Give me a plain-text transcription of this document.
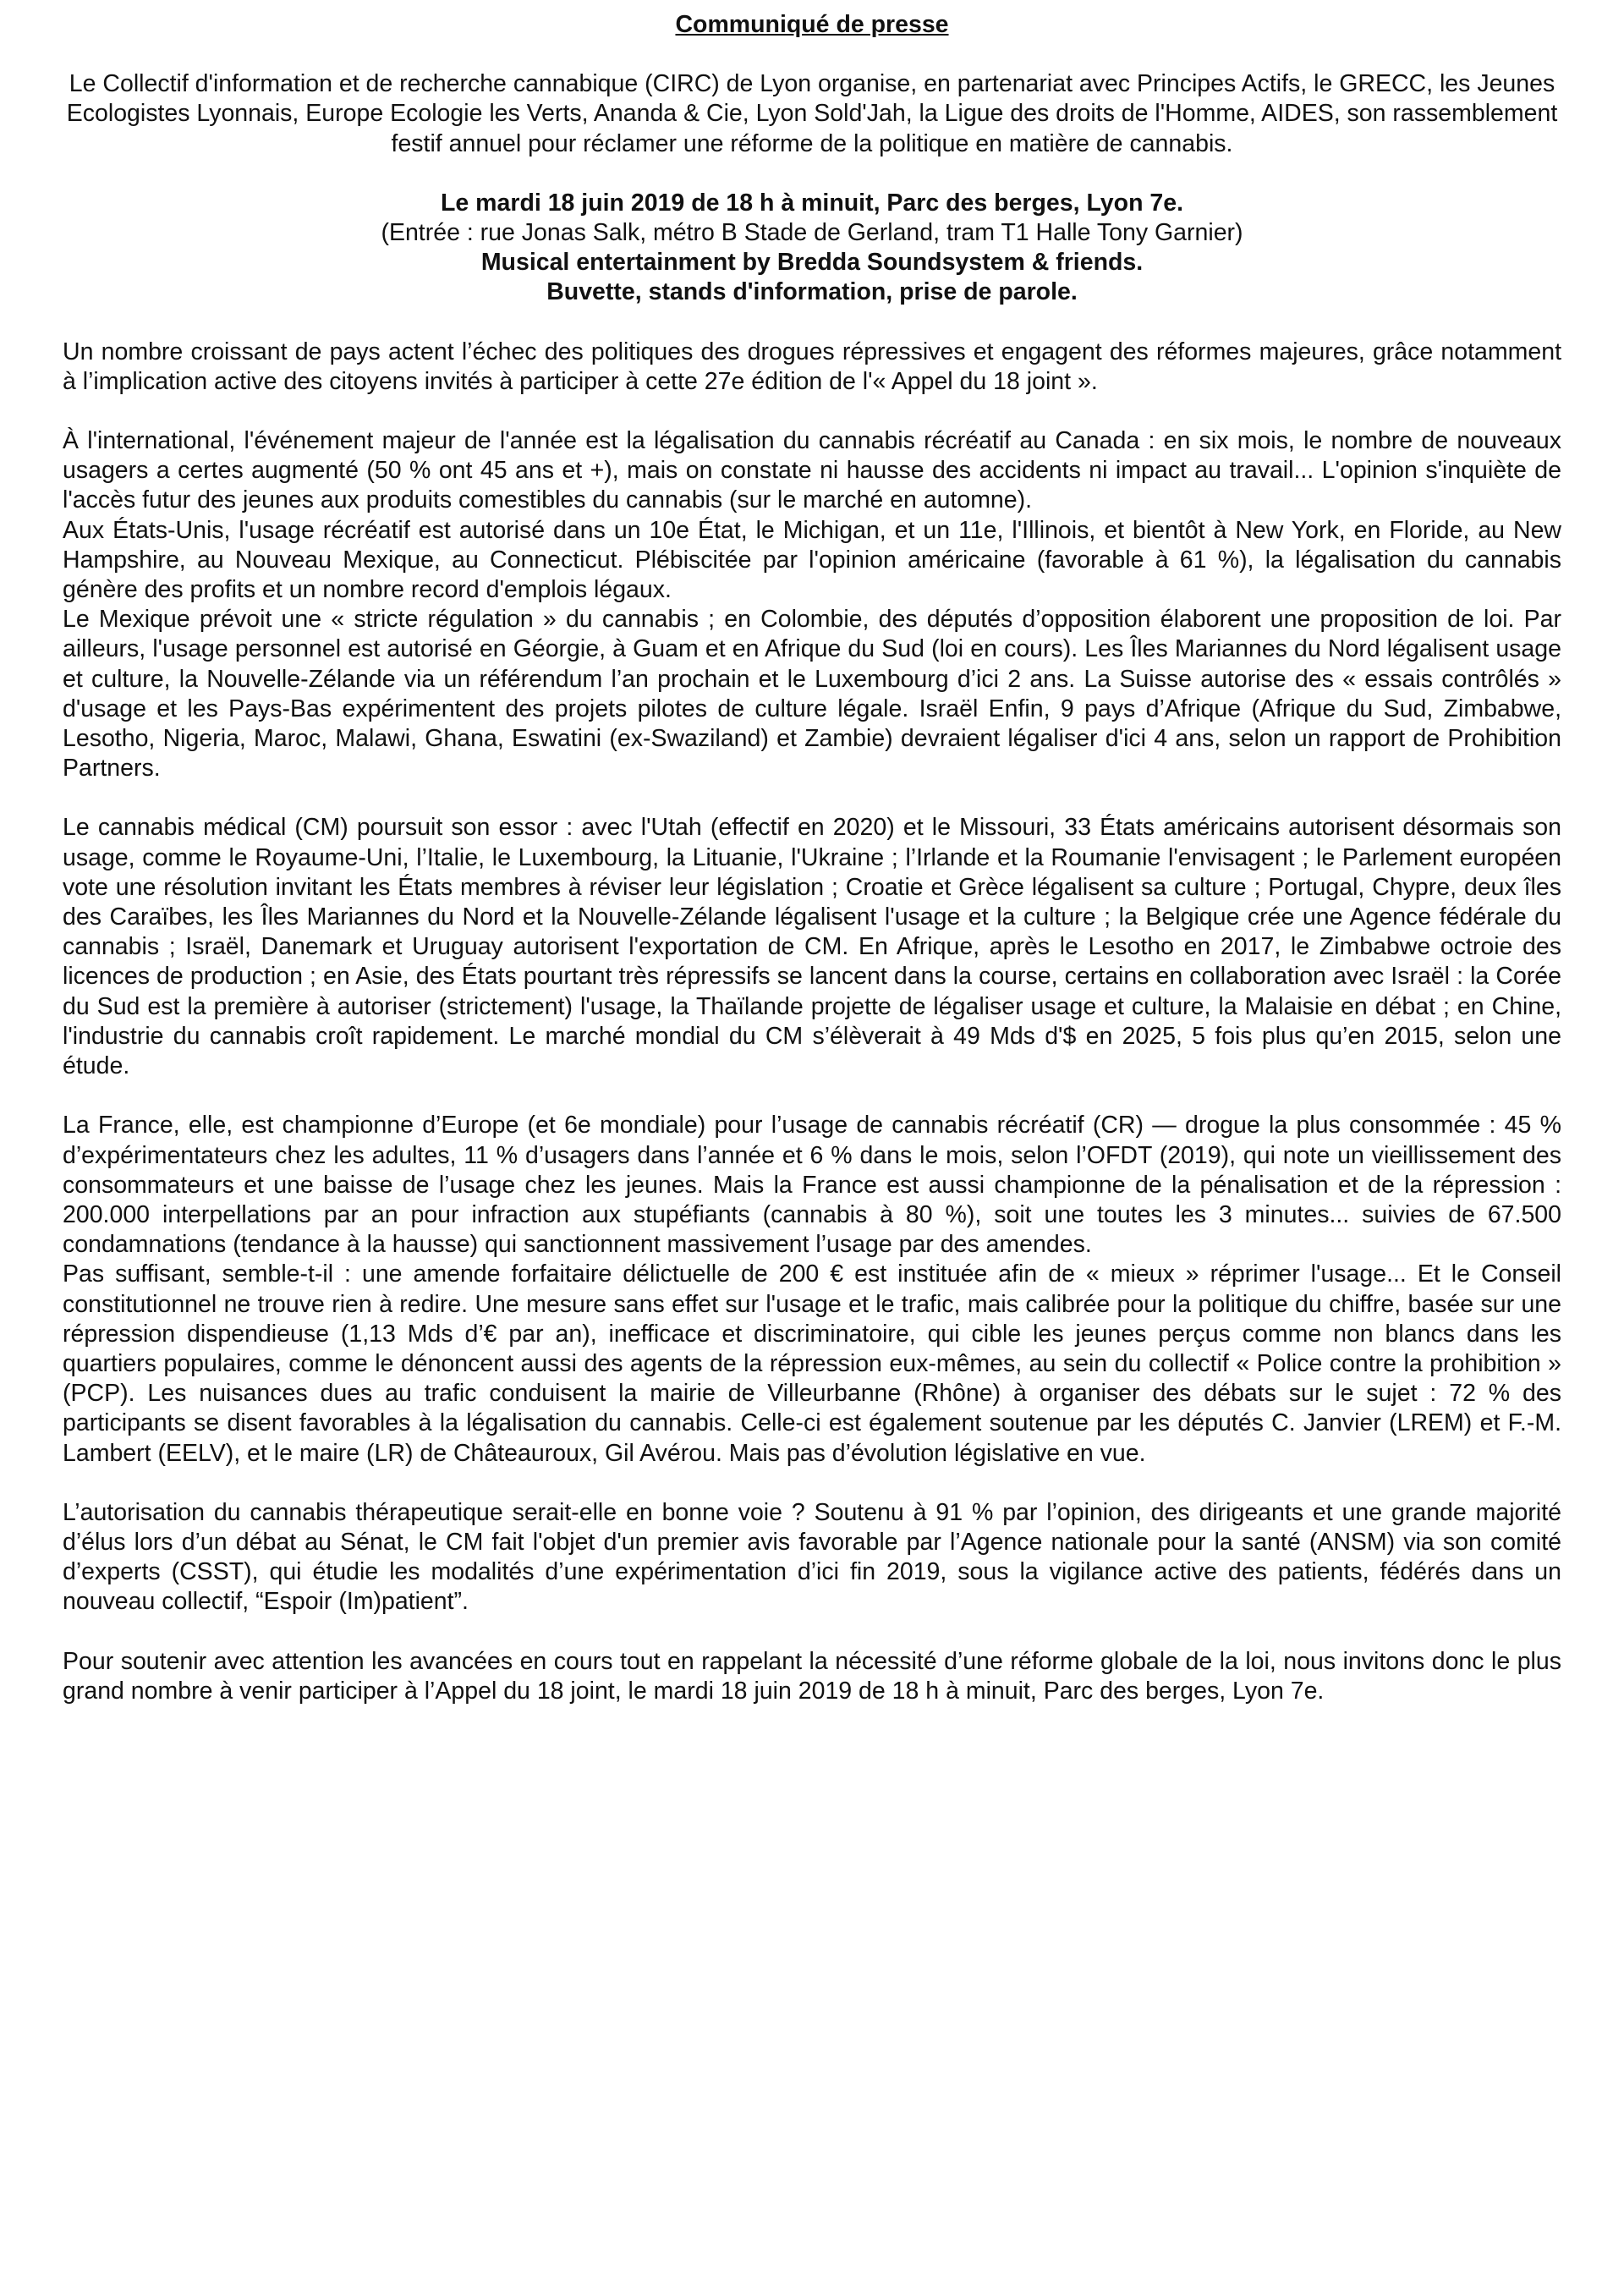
Communiqué de presse
Le Collectif d'information et de recherche cannabique (CIRC) de Lyon organise, en partenariat avec Principes Actifs, le GRECC, les Jeunes Ecologistes Lyonnais, Europe Ecologie les Verts, Ananda & Cie, Lyon Sold'Jah, la Ligue des droits de l'Homme, AIDES, son rassemblement festif annuel pour réclamer une réforme de la politique en matière de cannabis.
Le mardi 18 juin 2019 de 18 h à minuit, Parc des berges, Lyon 7e.
(Entrée : rue Jonas Salk, métro B Stade de Gerland, tram T1 Halle Tony Garnier)
Musical entertainment by Bredda Soundsystem & friends.
Buvette, stands d'information, prise de parole.

Un nombre croissant de pays actent l’échec des politiques des drogues répressives et engagent des réformes majeures, grâce notamment à l’implication active des citoyens invités à participer à cette 27e édition de l'« Appel du 18 joint ».

À l'international, l'événement majeur de l'année est la légalisation du cannabis récréatif au Canada : en six mois, le nombre de nouveaux usagers a certes augmenté (50 % ont 45 ans et +), mais on constate ni hausse des accidents ni impact au travail... L'opinion s'inquiète de l'accès futur des jeunes aux produits comestibles du cannabis (sur le marché en automne).

Aux États-Unis, l'usage récréatif est autorisé dans un 10e État, le Michigan, et un 11e, l'Illinois, et bientôt à New York, en Floride, au New Hampshire, au Nouveau Mexique, au Connecticut. Plébiscitée par l'opinion américaine (favorable à 61 %), la légalisation du cannabis génère des profits et un nombre record d'emplois légaux.

Le Mexique prévoit une « stricte régulation » du cannabis ; en Colombie, des députés d’opposition élaborent une proposition de loi. Par ailleurs, l'usage personnel est autorisé en Géorgie, à Guam et en Afrique du Sud (loi en cours). Les Îles Mariannes du Nord légalisent usage et culture, la Nouvelle-Zélande via un référendum l’an prochain et le Luxembourg d’ici 2 ans. La Suisse autorise des « essais contrôlés » d'usage et les Pays-Bas expérimentent des projets pilotes de culture légale. Israël Enfin, 9 pays d’Afrique (Afrique du Sud, Zimbabwe, Lesotho, Nigeria, Maroc, Malawi, Ghana, Eswatini (ex-Swaziland) et Zambie) devraient légaliser d'ici 4 ans, selon un rapport de Prohibition Partners.

Le cannabis médical (CM) poursuit son essor : avec l'Utah (effectif en 2020) et le Missouri, 33 États américains autorisent désormais son usage, comme le Royaume-Uni, l’Italie, le Luxembourg, la Lituanie, l'Ukraine ; l’Irlande et la Roumanie l'envisagent ; le Parlement européen vote une résolution invitant les États membres à réviser leur législation ; Croatie et Grèce légalisent sa culture ; Portugal, Chypre, deux îles des Caraïbes, les Îles Mariannes du Nord et la Nouvelle-Zélande légalisent l'usage et la culture ; la Belgique crée une Agence fédérale du cannabis ; Israël, Danemark et Uruguay autorisent l'exportation de CM. En Afrique, après le Lesotho en 2017, le Zimbabwe octroie des licences de production ; en Asie, des États pourtant très répressifs se lancent dans la course, certains en collaboration avec Israël : la Corée du Sud est la première à autoriser (strictement) l'usage, la Thaïlande projette de légaliser usage et culture, la Malaisie en débat ; en Chine, l'industrie du cannabis croît rapidement. Le marché mondial du CM s’élèverait à 49 Mds d'$ en 2025, 5 fois plus qu’en 2015, selon une étude.

La France, elle, est championne d’Europe (et 6e mondiale) pour l’usage de cannabis récréatif (CR) — drogue la plus consommée : 45 % d’expérimentateurs chez les adultes, 11 % d’usagers dans l’année et 6 % dans le mois, selon l’OFDT (2019), qui note un vieillissement des consommateurs et une baisse de l’usage chez les jeunes. Mais la France est aussi championne de la pénalisation et de la répression : 200.000 interpellations par an pour infraction aux stupéfiants (cannabis à 80 %), soit une toutes les 3 minutes... suivies de 67.500 condamnations (tendance à la hausse) qui sanctionnent massivement l’usage par des amendes.

Pas suffisant, semble-t-il : une amende forfaitaire délictuelle de 200 € est instituée afin de « mieux » réprimer l'usage... Et le Conseil constitutionnel ne trouve rien à redire. Une mesure sans effet sur l'usage et le trafic, mais calibrée pour la politique du chiffre, basée sur une répression dispendieuse (1,13 Mds d’€ par an), inefficace et discriminatoire, qui cible les jeunes perçus comme non blancs dans les quartiers populaires, comme le dénoncent aussi des agents de la répression eux-mêmes, au sein du collectif « Police contre la prohibition » (PCP). Les nuisances dues au trafic conduisent la mairie de Villeurbanne (Rhône) à organiser des débats sur le sujet : 72 % des participants se disent favorables à la légalisation du cannabis. Celle-ci est également soutenue par les députés C. Janvier (LREM) et F.-M. Lambert (EELV), et le maire (LR) de Châteauroux, Gil Avérou. Mais pas d’évolution législative en vue.

L’autorisation du cannabis thérapeutique serait-elle en bonne voie ? Soutenu à 91 % par l’opinion, des dirigeants et une grande majorité d’élus lors d’un débat au Sénat, le CM fait l'objet d'un premier avis favorable par l’Agence nationale pour la santé (ANSM) via son comité d’experts (CSST), qui étudie les modalités d’une expérimentation d’ici fin 2019, sous la vigilance active des patients, fédérés dans un nouveau collectif, “Espoir (Im)patient”.

Pour soutenir avec attention les avancées en cours tout en rappelant la nécessité d’une réforme globale de la loi, nous invitons donc le plus grand nombre à venir participer à l’Appel du 18 joint, le mardi 18 juin 2019 de 18 h à minuit, Parc des berges, Lyon 7e.
